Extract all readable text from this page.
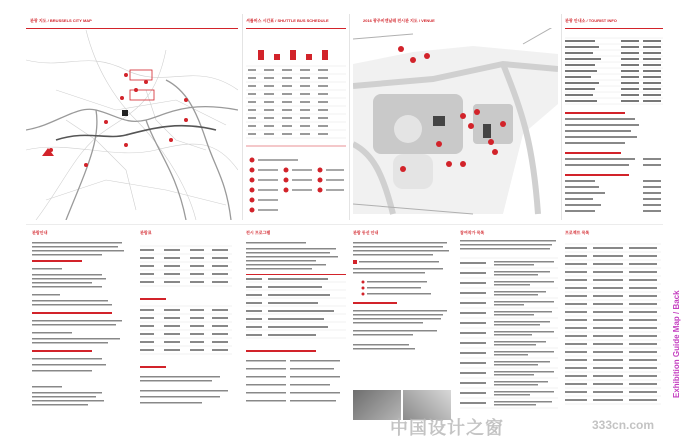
관광 지도 / BRUSSELS CITY MAP	셔틀버스 시간표 / SHUTTLE BUS SCHEDULE	2016 광주비엔날레 전시관 지도 / VENUE	관광 안내소 / TOURIST INFO
관람안내	관람료	전시 프로그램	관람 동선 안내	참여작가 목록	프로젝트 목록
Exhibition Guide Map / Back
中国设计之窗	333cn.com
